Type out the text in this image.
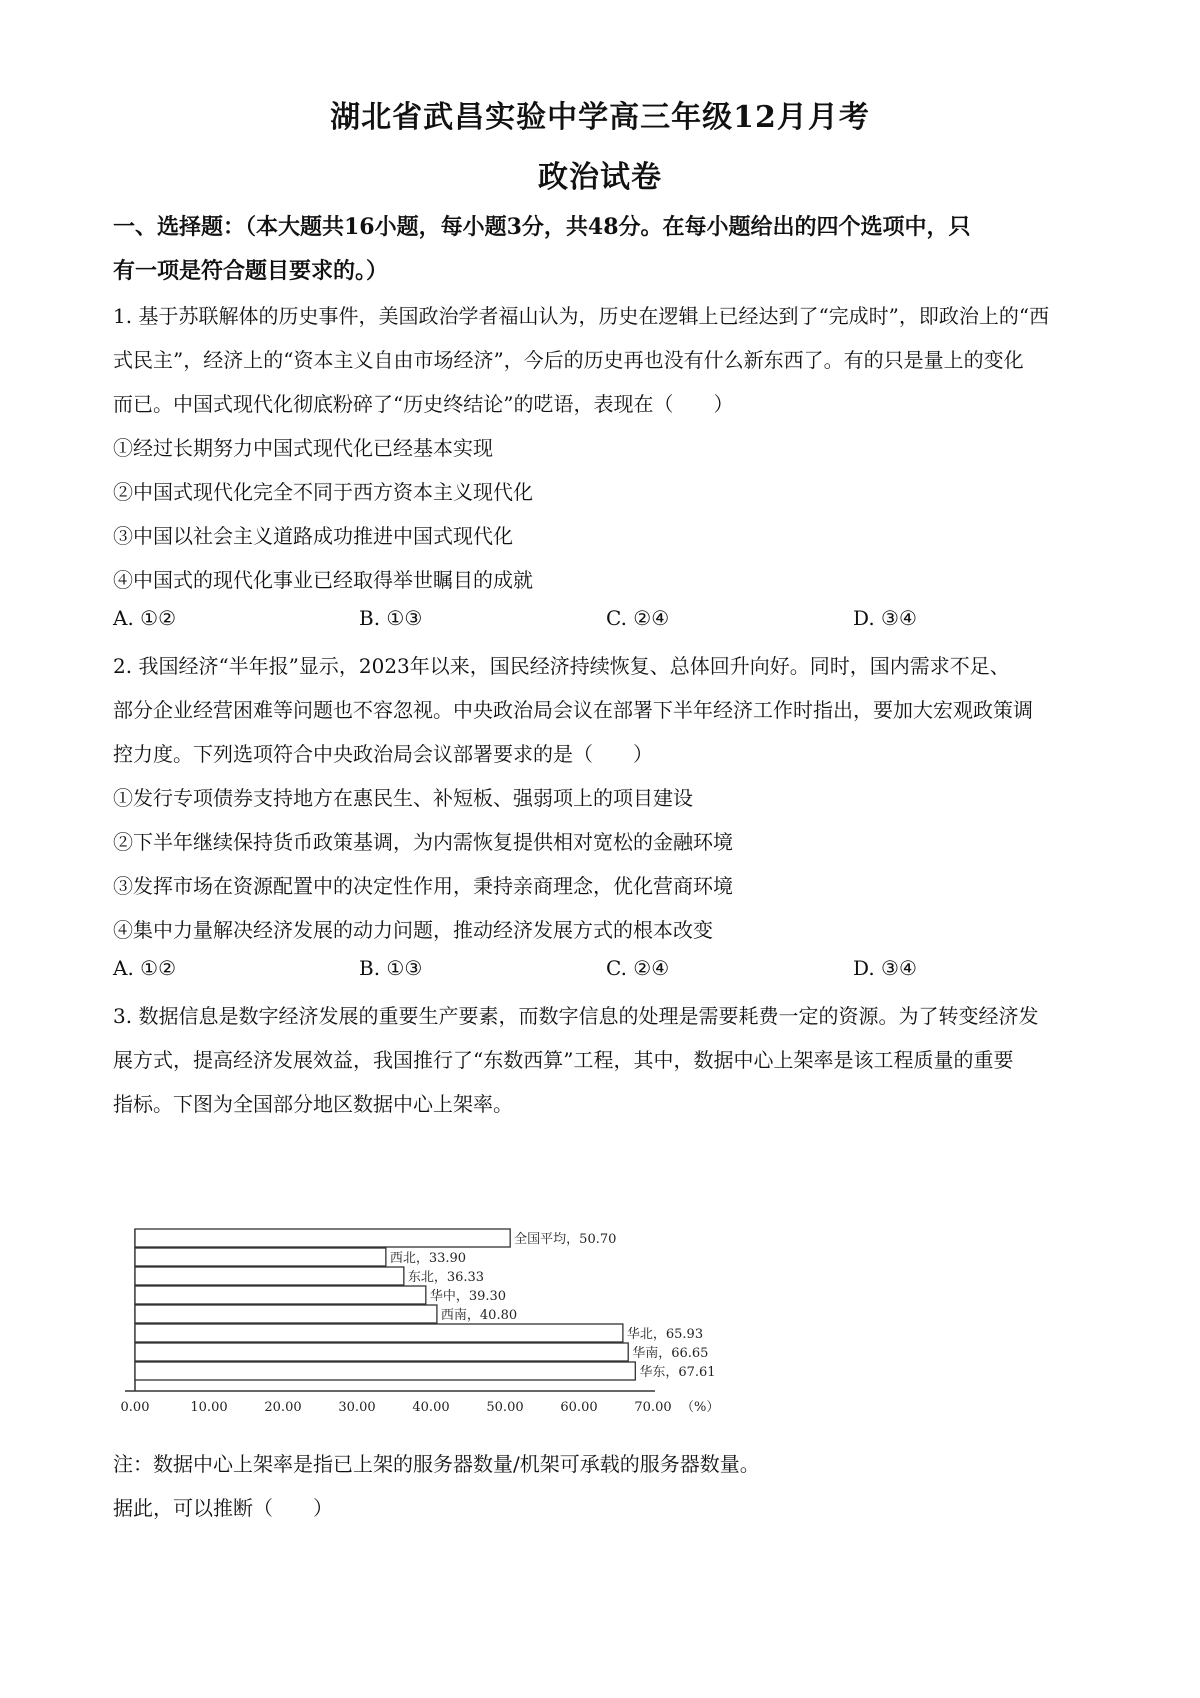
湖北省武昌实验中学高三年级12月月考
政治试卷
一、选择题：（本大题共16小题，每小题3分，共48分。在每小题给出的四个选项中，只
有一项是符合题目要求的。）
1. 基于苏联解体的历史事件，美国政治学者福山认为，历史在逻辑上已经达到了“完成时”，即政治上的“西
式民主”，经济上的“资本主义自由市场经济”，今后的历史再也没有什么新东西了。有的只是量上的变化
而已。中国式现代化彻底粉碎了“历史终结论”的呓语，表现在（　　）
①经过长期努力中国式现代化已经基本实现
②中国式现代化完全不同于西方资本主义现代化
③中国以社会主义道路成功推进中国式现代化
④中国式的现代化事业已经取得举世瞩目的成就
A. ①②	B. ①③	C. ②④	D. ③④
2. 我国经济“半年报”显示，2023年以来，国民经济持续恢复、总体回升向好。同时，国内需求不足、
部分企业经营困难等问题也不容忽视。中央政治局会议在部署下半年经济工作时指出，要加大宏观政策调
控力度。下列选项符合中央政治局会议部署要求的是（　　）
①发行专项债券支持地方在惠民生、补短板、强弱项上的项目建设
②下半年继续保持货币政策基调，为内需恢复提供相对宽松的金融环境
③发挥市场在资源配置中的决定性作用，秉持亲商理念，优化营商环境
④集中力量解决经济发展的动力问题，推动经济发展方式的根本改变
A. ①②	B. ①③	C. ②④	D. ③④
3. 数据信息是数字经济发展的重要生产要素，而数字信息的处理是需要耗费一定的资源。为了转变经济发
展方式，提高经济发展效益，我国推行了“东数西算”工程，其中，数据中心上架率是该工程质量的重要
指标。下图为全国部分地区数据中心上架率。
全国平均，50.70
西北，33.90
东北，36.33
华中，39.30
西南，40.80
华北，65.93
华南，66.65
华东，67.61
0.00	10.00	20.00	30.00	40.00	50.00	60.00	70.00 （%）
注：数据中心上架率是指已上架的服务器数量/机架可承载的服务器数量。
据此，可以推断（　　）
